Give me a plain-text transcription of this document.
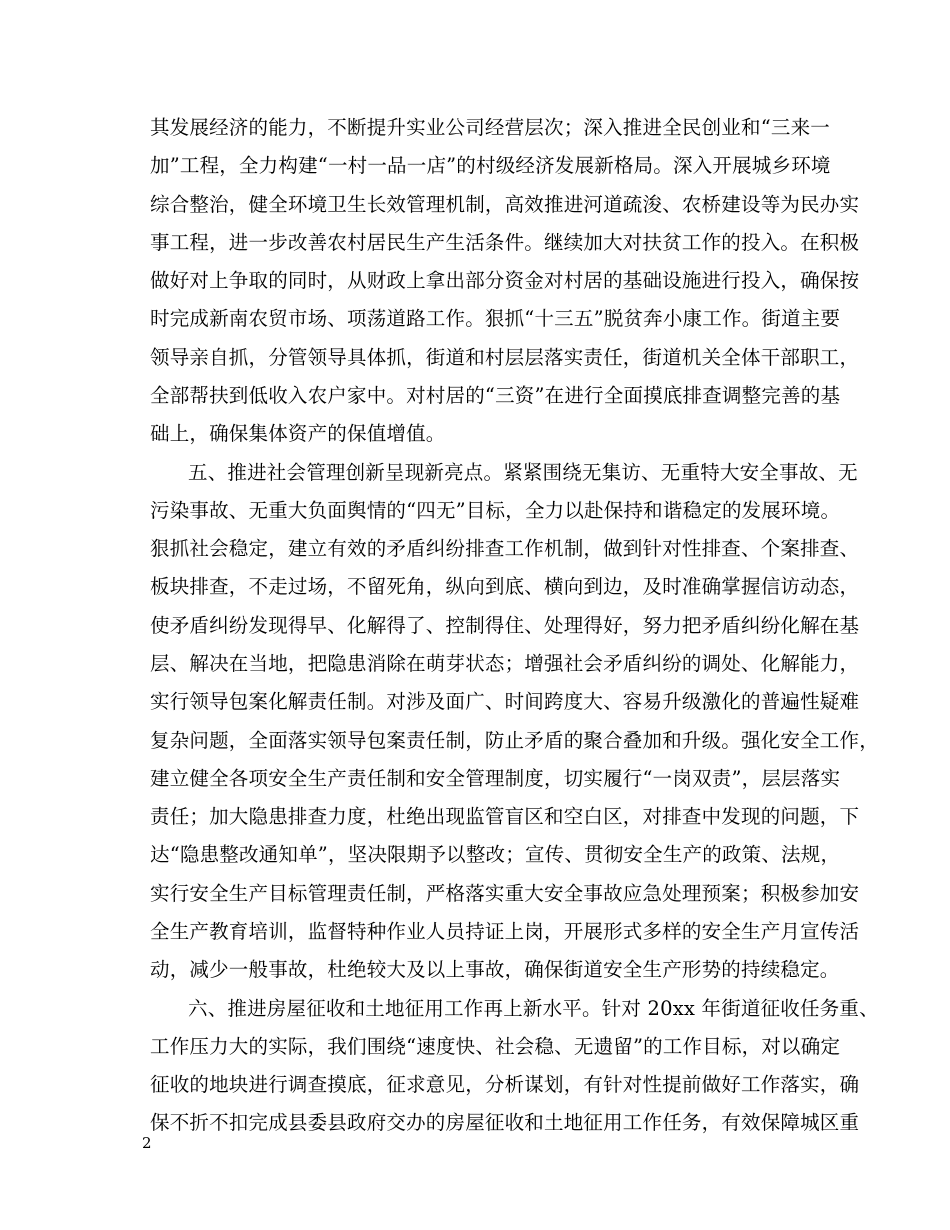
其发展经济的能力，不断提升实业公司经营层次；深入推进全民创业和“三来一
加”工程，全力构建“一村一品一店”的村级经济发展新格局。深入开展城乡环境
综合整治，健全环境卫生长效管理机制，高效推进河道疏浚、农桥建设等为民办实
事工程，进一步改善农村居民生产生活条件。继续加大对扶贫工作的投入。在积极
做好对上争取的同时，从财政上拿出部分资金对村居的基础设施进行投入，确保按
时完成新南农贸市场、项荡道路工作。狠抓“十三五”脱贫奔小康工作。街道主要
领导亲自抓，分管领导具体抓，街道和村层层落实责任，街道机关全体干部职工，
全部帮扶到低收入农户家中。对村居的“三资”在进行全面摸底排查调整完善的基
础上，确保集体资产的保值增值。
五、推进社会管理创新呈现新亮点。紧紧围绕无集访、无重特大安全事故、无
污染事故、无重大负面舆情的“四无”目标，全力以赴保持和谐稳定的发展环境。
狠抓社会稳定，建立有效的矛盾纠纷排查工作机制，做到针对性排查、个案排查、
板块排查，不走过场，不留死角，纵向到底、横向到边，及时准确掌握信访动态，
使矛盾纠纷发现得早、化解得了、控制得住、处理得好，努力把矛盾纠纷化解在基
层、解决在当地，把隐患消除在萌芽状态；增强社会矛盾纠纷的调处、化解能力，
实行领导包案化解责任制。对涉及面广、时间跨度大、容易升级激化的普遍性疑难
复杂问题，全面落实领导包案责任制，防止矛盾的聚合叠加和升级。强化安全工作，
建立健全各项安全生产责任制和安全管理制度，切实履行“一岗双责”，层层落实
责任；加大隐患排查力度，杜绝出现监管盲区和空白区，对排查中发现的问题，下
达“隐患整改通知单”，坚决限期予以整改；宣传、贯彻安全生产的政策、法规，
实行安全生产目标管理责任制，严格落实重大安全事故应急处理预案；积极参加安
全生产教育培训，监督特种作业人员持证上岗，开展形式多样的安全生产月宣传活
动，减少一般事故，杜绝较大及以上事故，确保街道安全生产形势的持续稳定。
六、推进房屋征收和土地征用工作再上新水平。针对 20xx 年街道征收任务重、
工作压力大的实际，我们围绕“速度快、社会稳、无遗留”的工作目标，对以确定
征收的地块进行调查摸底，征求意见，分析谋划，有针对性提前做好工作落实，确
保不折不扣完成县委县政府交办的房屋征收和土地征用工作任务，有效保障城区重
2
